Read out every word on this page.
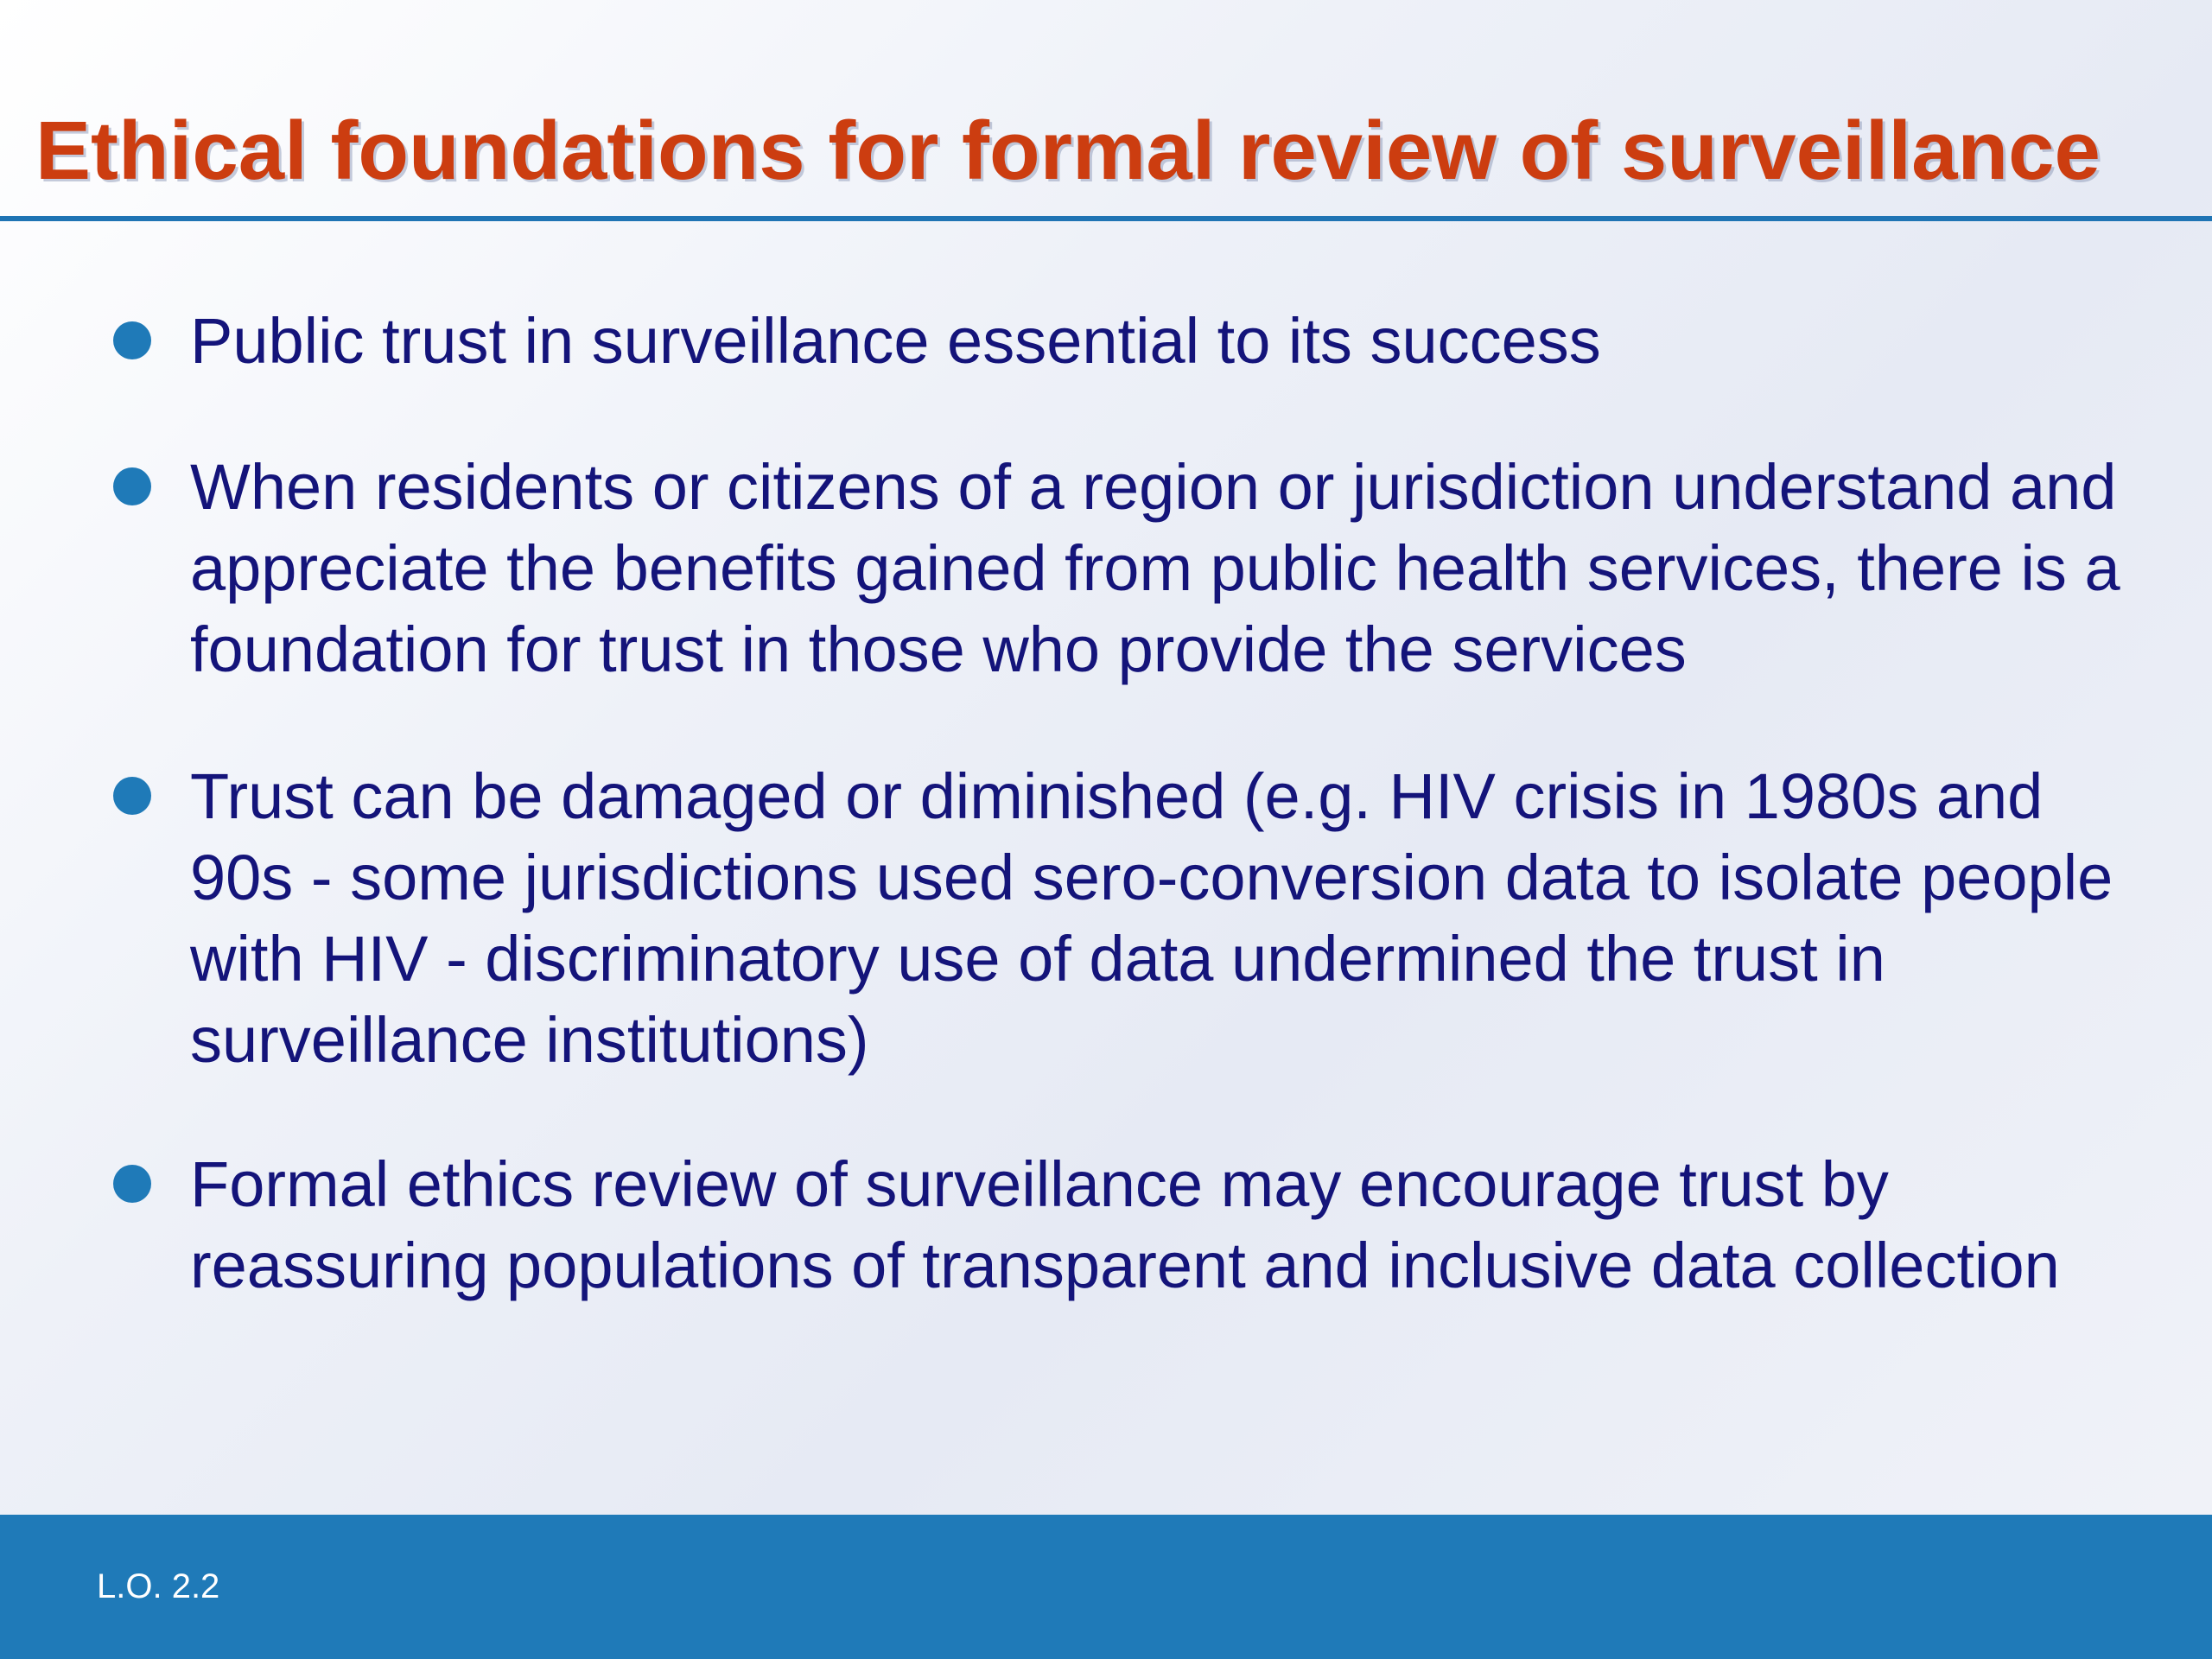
Ethical foundations for formal review of surveillance
Public trust in surveillance essential to its success
When residents or citizens of a region or jurisdiction understand and appreciate the benefits gained from public health services, there is a foundation for trust in those who provide the services
Trust can be damaged or diminished (e.g. HIV crisis in 1980s and 90s - some jurisdictions used sero-conversion data to isolate people with HIV - discriminatory use of data undermined the trust in surveillance institutions)
Formal ethics review of surveillance may encourage trust by reassuring populations of transparent and inclusive data collection
L.O. 2.2
